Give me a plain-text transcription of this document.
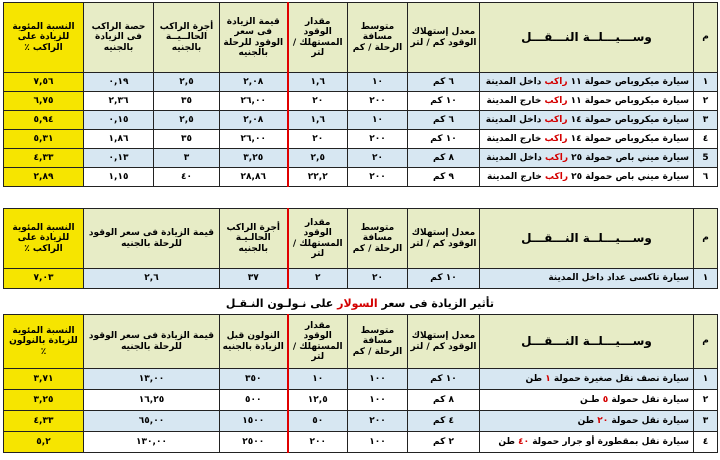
م	وســـيـــلــة النـــقـــل	معدل إستهلاك الوقود كم / لتر	متوسط مسافة الرحلة / كم	مقدار الوقود المستهلك / لتر	قيمة الزيادة فى سعر الوقود للرحلة بالجنيه	أجرة الراكب الحالــيــة بالجنيه	حصة الراكب فى الزيادة بالجنيه	النسبة المئوية للزيادة على الراكب ٪
١	سيارة ميكروباص حمولة ١١ راكب داخل المدينة	٦ كم	١٠	١,٦	٢,٠٨	٢,٥	٠,١٩	٧,٥٦
٢	سيارة ميكروباص حمولة ١١ راكب خارج المدينة	١٠ كم	٢٠٠	٢٠	٢٦,٠٠	٣٥	٢,٣٦	٦,٧٥
٣	سيارة ميكروباص حمولة ١٤ راكب داخل المدينة	٦ كم	١٠	١,٦	٢,٠٨	٢,٥	٠,١٥	٥,٩٤
٤	سيارة ميكروباص حمولة ١٤ راكب خارج المدينة	١٠ كم	٢٠٠	٢٠	٢٦,٠٠	٣٥	١,٨٦	٥,٣١
5	سيارة ميني باص حمولة ٢٥ راكب داخل المدينة	٨ كم	٢٠	٢,٥	٣,٢٥	٣	٠,١٣	٤,٣٣
٦	سيارة ميني باص حمولة ٢٥ راكب خارج المدينة	٩ كم	٢٠٠	٢٢,٢	٢٨,٨٦	٤٠	١,١٥	٢,٨٩
م	وســـيـــلــة النـــقـــل	معدل إستهلاك الوقود كم / لتر	متوسط مسافة الرحلة / كم	مقدار الوقود المستهلك / لتر	أجرة الراكب الحالـيـة بالجنيه	قيمة الزيادة فى سعر الوقود للرحلة بالجنيه	النسبة المئوية للزيادة على الراكب ٪
١	سيارة تاكسى عداد داخل المدينة	١٠ كم	٢٠	٢	٣٧	٢,٦	٧,٠٣
تأثير الزيادة فى سعر السولار على نـولـون النـقـل
م	وســـيـــلــة النـــقـــل	معدل إستهلاك الوقود كم / لتر	متوسط مسافة الرحلة / كم	مقدار الوقود المستهلك / لتر	النولون قبل الزيادة بالجنيه	قيمة الزيادة فى سعر الوقود للرحلة بالجنيه	النسبة المئوية للزيادة بالنولون ٪
١	سيارة نصف نقل صغيرة حمولة ١ طن	١٠ كم	١٠٠	١٠	٣٥٠	١٣,٠٠	٣,٧١
٢	سيارة نقل حمولة ٥ طـن	٨ كم	١٠٠	١٢,٥	٥٠٠	١٦,٢٥	٣,٢٥
٣	سيارة نقل حمولة ٢٠ طن	٤ كم	٢٠٠	٥٠	١٥٠٠	٦٥,٠٠	٤,٣٣
٤	سيارة نقل بمقطورة أو جرار حمولة ٤٠ طن	٢ كم	١٠٠	٢٠٠	٢٥٠٠	١٣٠,٠٠	٥,٢
